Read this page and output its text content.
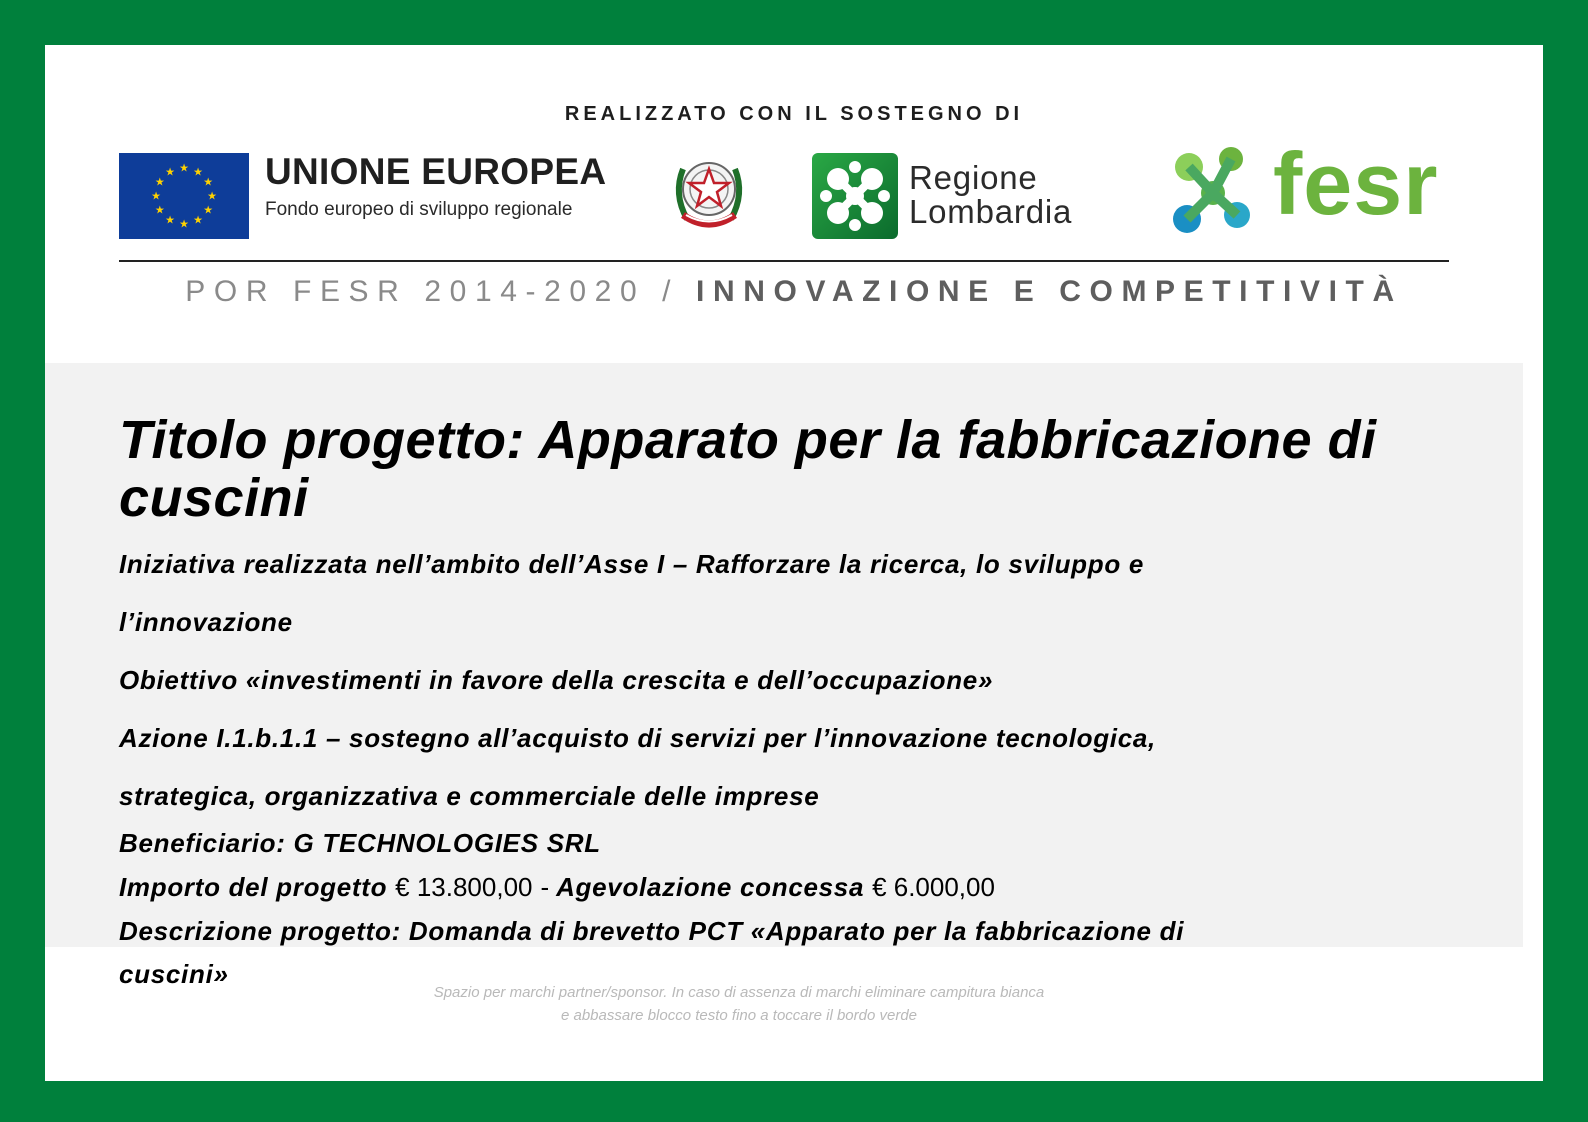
REALIZZATO CON IL SOSTEGNO DI
★ ★
★
★
★
★
★
★
★
★
★
★ UNIONE EUROPEA
Fondo europeo di sviluppo regionale
Regione
Lombardia fesr
POR FESR 2014-2020 / INNOVAZIONE E COMPETITIVITÀ
Titolo progetto: Apparato per la fabbricazione di cuscini
Iniziativa realizzata nell’ambito dell’Asse I – Rafforzare la ricerca, lo sviluppo e
l’innovazione
Obiettivo «investimenti in favore della crescita e dell’occupazione»
Azione I.1.b.1.1 – sostegno all’acquisto di servizi per l’innovazione tecnologica,
strategica, organizzativa e commerciale delle imprese
Beneficiario: G TECHNOLOGIES SRL
Importo del progetto € 13.800,00 - Agevolazione concessa € 6.000,00
Descrizione progetto: Domanda di brevetto PCT «Apparato per la fabbricazione di
cuscini»
Spazio per marchi partner/sponsor. In caso di assenza di marchi eliminare campitura bianca
e abbassare blocco testo fino a toccare il bordo verde
